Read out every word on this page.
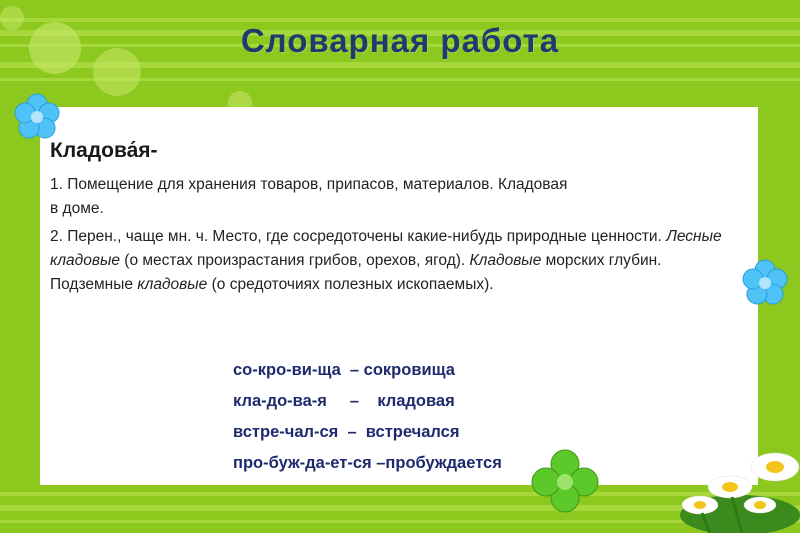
Словарная работа
Кладова́я-

1. Помещение для хранения товаров, припасов, материалов. Кладовая
в доме.

2. Перен., чаще мн. ч. Место, где сосредоточены какие-нибудь природные ценности. Лесные кладовые (о местах произрастания грибов, орехов, ягод). Кладовые морских глубин. Подземные кладовые (о средоточиях полезных ископаемых).

со-кро-ви-ща  – сокровища
кла-до-ва-я     –    кладовая
встре-чал-ся  –  встречался
про-буж-да-ет-ся –пробуждается
